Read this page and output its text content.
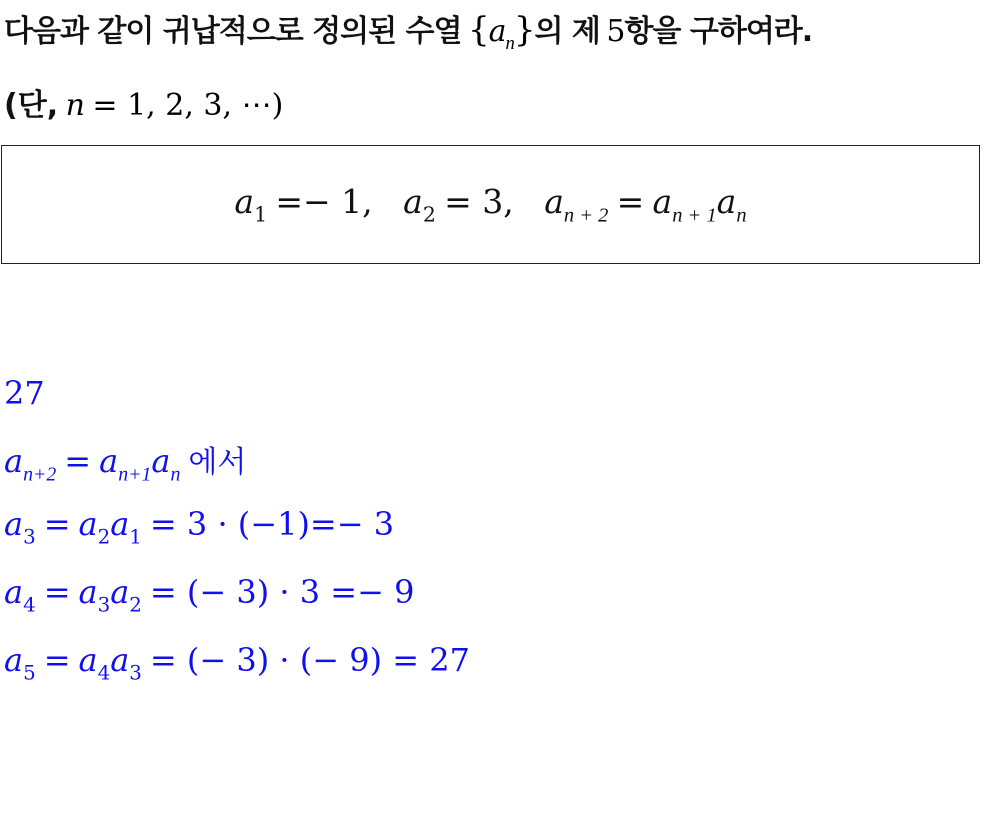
다음과 같이 귀납적으로 정의된 수열 $\{a_n\}$의 제 5항을 구하여라.
(단, n = 1, 2, 3, ⋯)
$a_1 =- 1$, $a_2 = 3$, $a_{n + 2} = a_{n + 1}a_n$
27
$a_{n+2} = a_{n+1}a_n$ 에서
$a_3 = a_2a_1 = 3 \cdot (-1)=- 3$
$a_4 = a_3a_2$ = (− 3) · 3 =− 9
$a_5 = a_4a_3$ = (− 3) · (− 9) = 27
